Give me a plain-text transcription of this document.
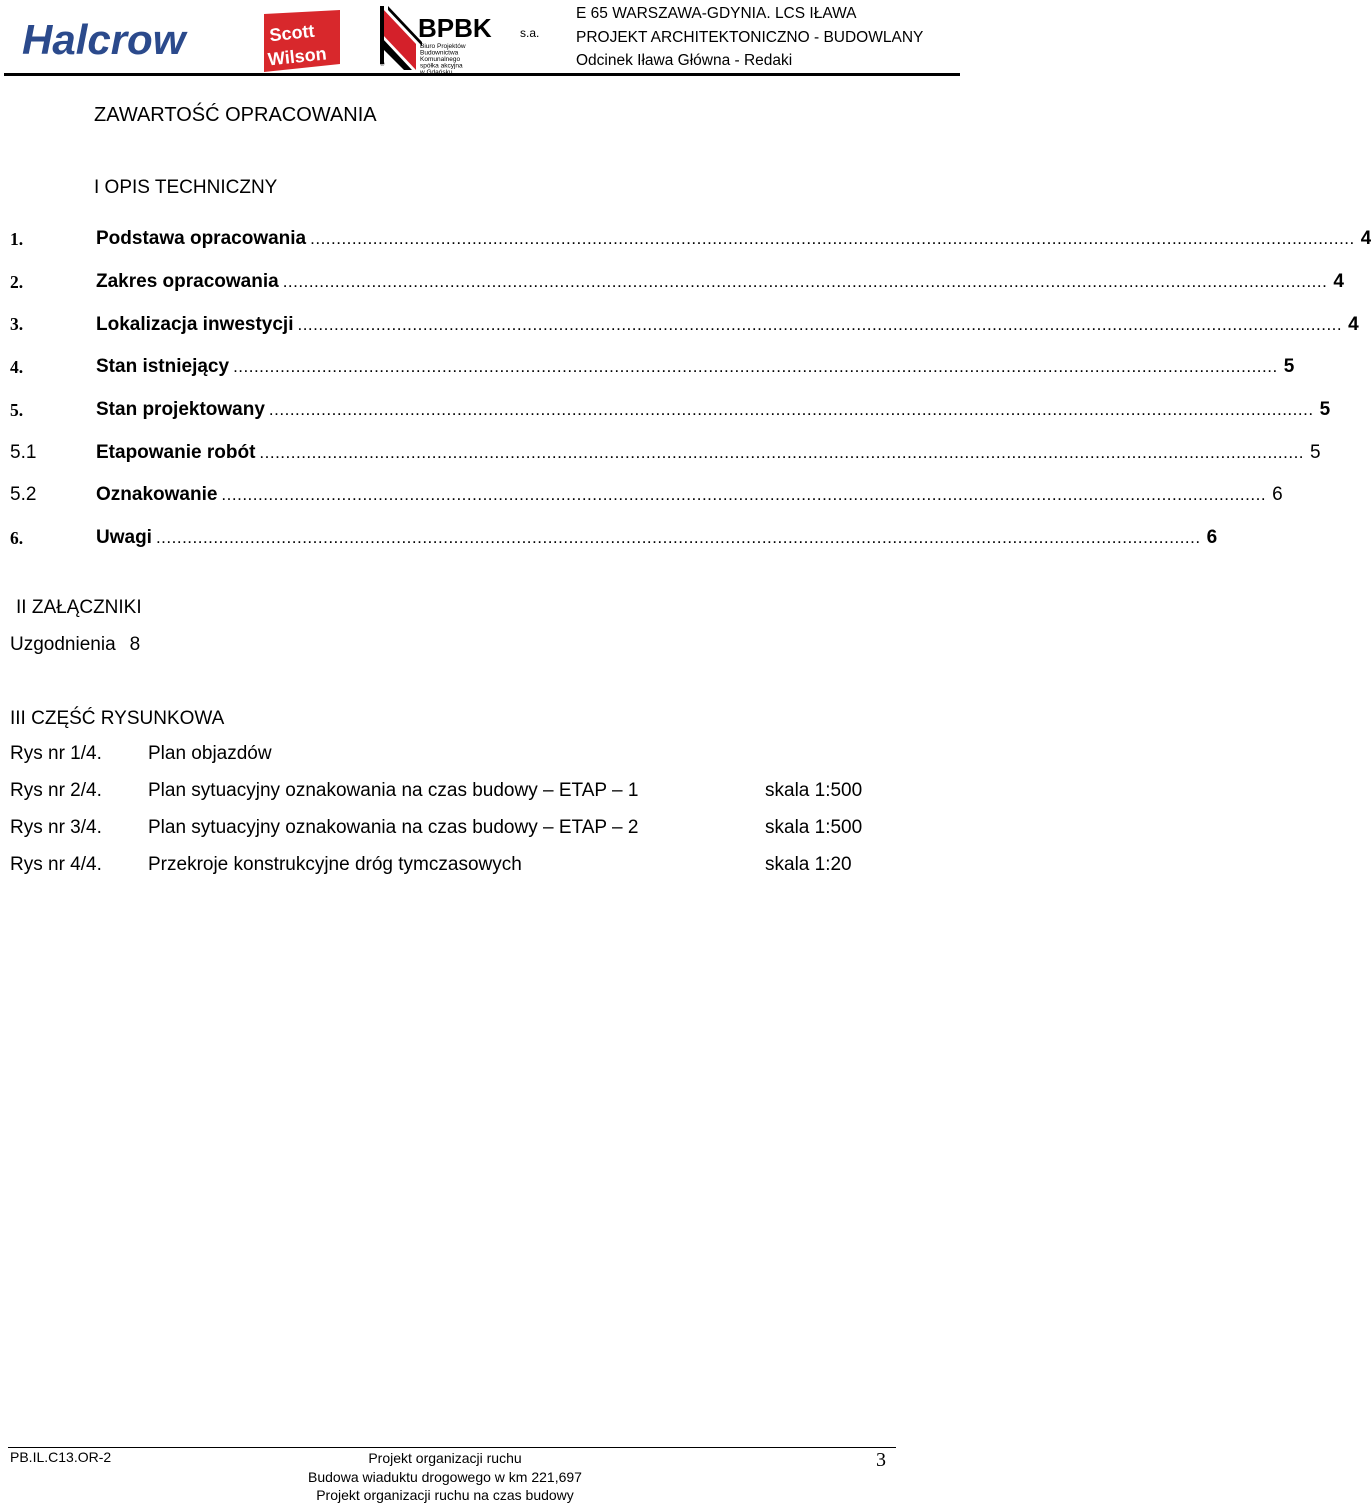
Halcrow	Scott
Wilson
BPBK s.a.
Biuro Projektów
Budownictwa
Komunalnego
spółka akcyjna
®
E 65 WARSZAWA-GDYNIA. LCS IŁAWA
PROJEKT ARCHITEKTONICZNO - BUDOWLANY
Odcinek Iława Główna - Redaki
ZAWARTOŚĆ OPRACOWANIA
I OPIS TECHNICZNY
1.	Podstawa opracowania ........................................................................................................................................................................................................ 4
2.	Zakres opracowania ........................................................................................................................................................................................................ 4
3.	Lokalizacja inwestycji ........................................................................................................................................................................................................ 4
4.	Stan istniejący ........................................................................................................................................................................................................ 5
5.	Stan projektowany ........................................................................................................................................................................................................ 5
5.1	Etapowanie robót ........................................................................................................................................................................................................ 5
5.2	Oznakowanie ........................................................................................................................................................................................................ 6
6.	Uwagi ........................................................................................................................................................................................................ 6
II ZAŁĄCZNIKI
Uzgodnienia 8
III CZĘŚĆ RYSUNKOWA
Rys nr 1/4. Plan objazdów
Rys nr 2/4. Plan sytuacyjny oznakowania na czas budowy – ETAP – 1	skala 1:500
Rys nr 3/4. Plan sytuacyjny oznakowania na czas budowy – ETAP – 2	skala 1:500
Rys nr 4/4. Przekroje konstrukcyjne dróg tymczasowych	skala 1:20
PB.IL.C13.OR-2	Projekt organizacji ruchu
Budowa wiaduktu drogowego w km 221,697
Projekt organizacji ruchu na czas budowy
3
